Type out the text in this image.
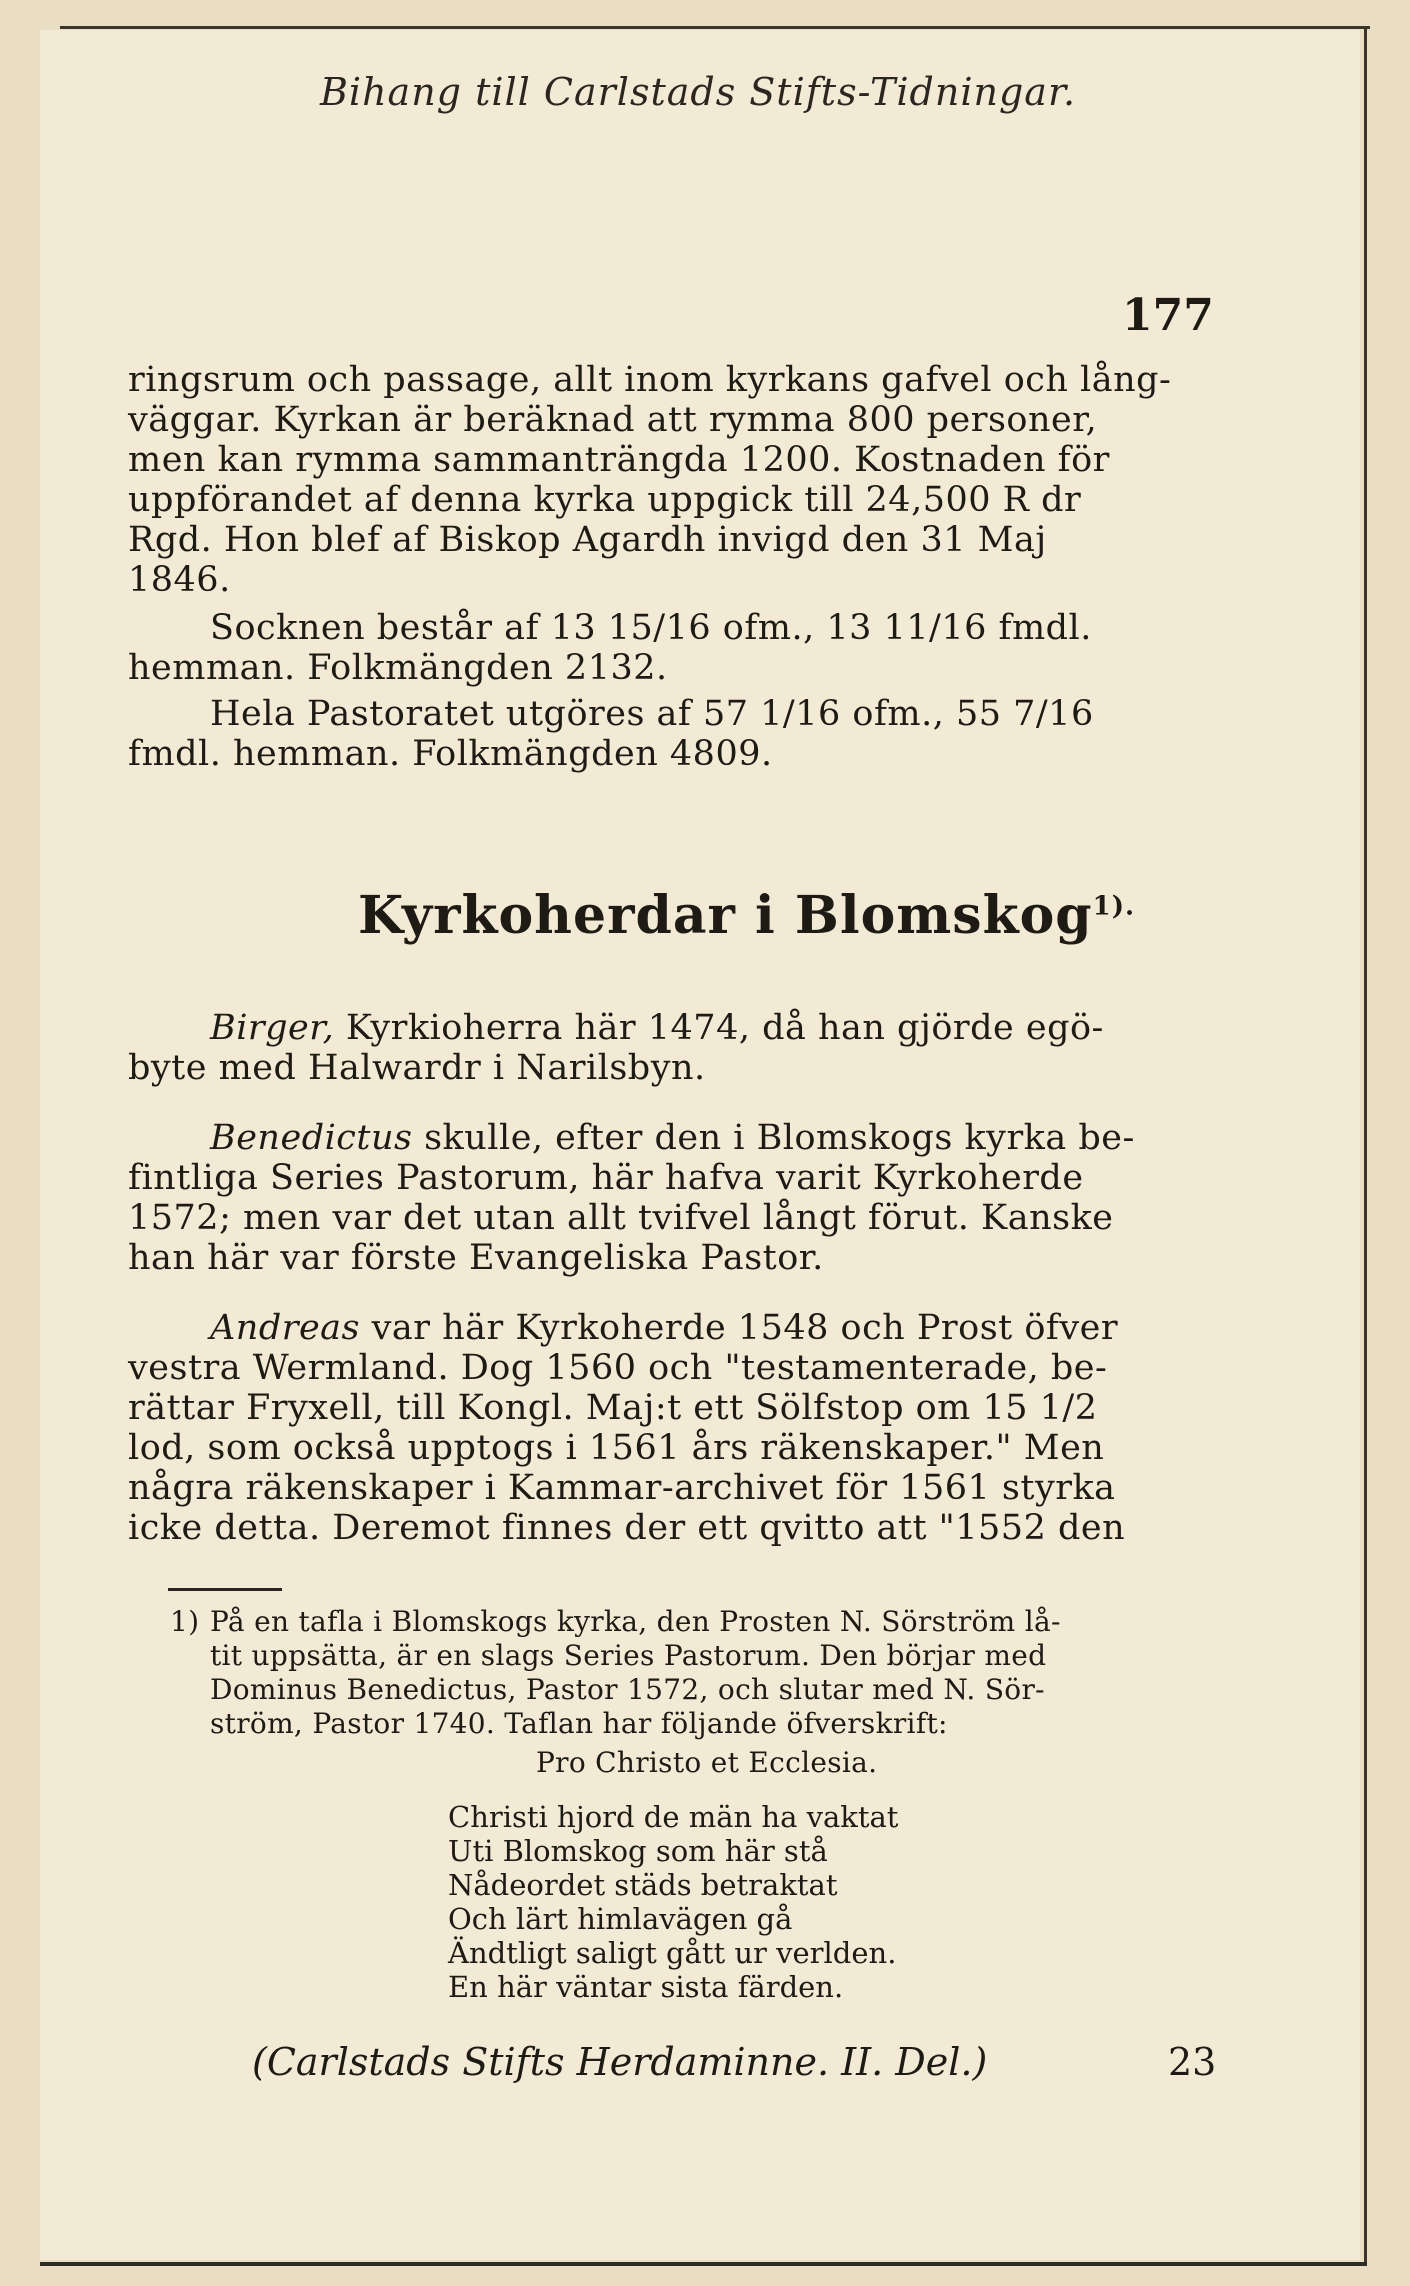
Bihang till Carlstads Stifts-Tidningar.
177
ringsrum och passage, allt inom kyrkans gafvel och lång-
väggar. Kyrkan är beräknad att rymma 800 personer,
men kan rymma sammanträngda 1200. Kostnaden för
uppförandet af denna kyrka uppgick till 24,500 R dr
Rgd. Hon blef af Biskop Agardh invigd den 31 Maj
1846.
Socknen består af 13 15/16 ofm., 13 11/16 fmdl.
hemman. Folkmängden 2132.
Hela Pastoratet utgöres af 57 1/16 ofm., 55 7/16
fmdl. hemman. Folkmängden 4809.
Kyrkoherdar i Blomskog$^{1).}$
Birger, Kyrkioherra här 1474, då han gjörde egö-
byte med Halwardr i Narilsbyn.
Benedictus skulle, efter den i Blomskogs kyrka be-
fintliga Series Pastorum, här hafva varit Kyrkoherde
1572; men var det utan allt tvifvel långt förut. Kanske
han här var förste Evangeliska Pastor.
Andreas var här Kyrkoherde 1548 och Prost öfver
vestra Wermland. Dog 1560 och "testamenterade, be-
rättar Fryxell, till Kongl. Maj:t ett Sölfstop om 15 1/2
lod, som också upptogs i 1561 års räkenskaper." Men
några räkenskaper i Kammar-archivet för 1561 styrka
icke detta. Deremot finnes der ett qvitto att "1552 den
1) På en tafla i Blomskogs kyrka, den Prosten N. Sörström lå-
tit uppsätta, är en slags Series Pastorum. Den börjar med
Dominus Benedictus, Pastor 1572, och slutar med N. Sör-
ström, Pastor 1740. Taflan har följande öfverskrift:
Pro Christo et Ecclesia.
Christi hjord de män ha vaktat
Uti Blomskog som här stå
Nådeordet städs betraktat
Och lärt himlavägen gå
Ändtligt saligt gått ur verlden.
En här väntar sista färden.
(Carlstads Stifts Herdaminne. II. Del.)	23
